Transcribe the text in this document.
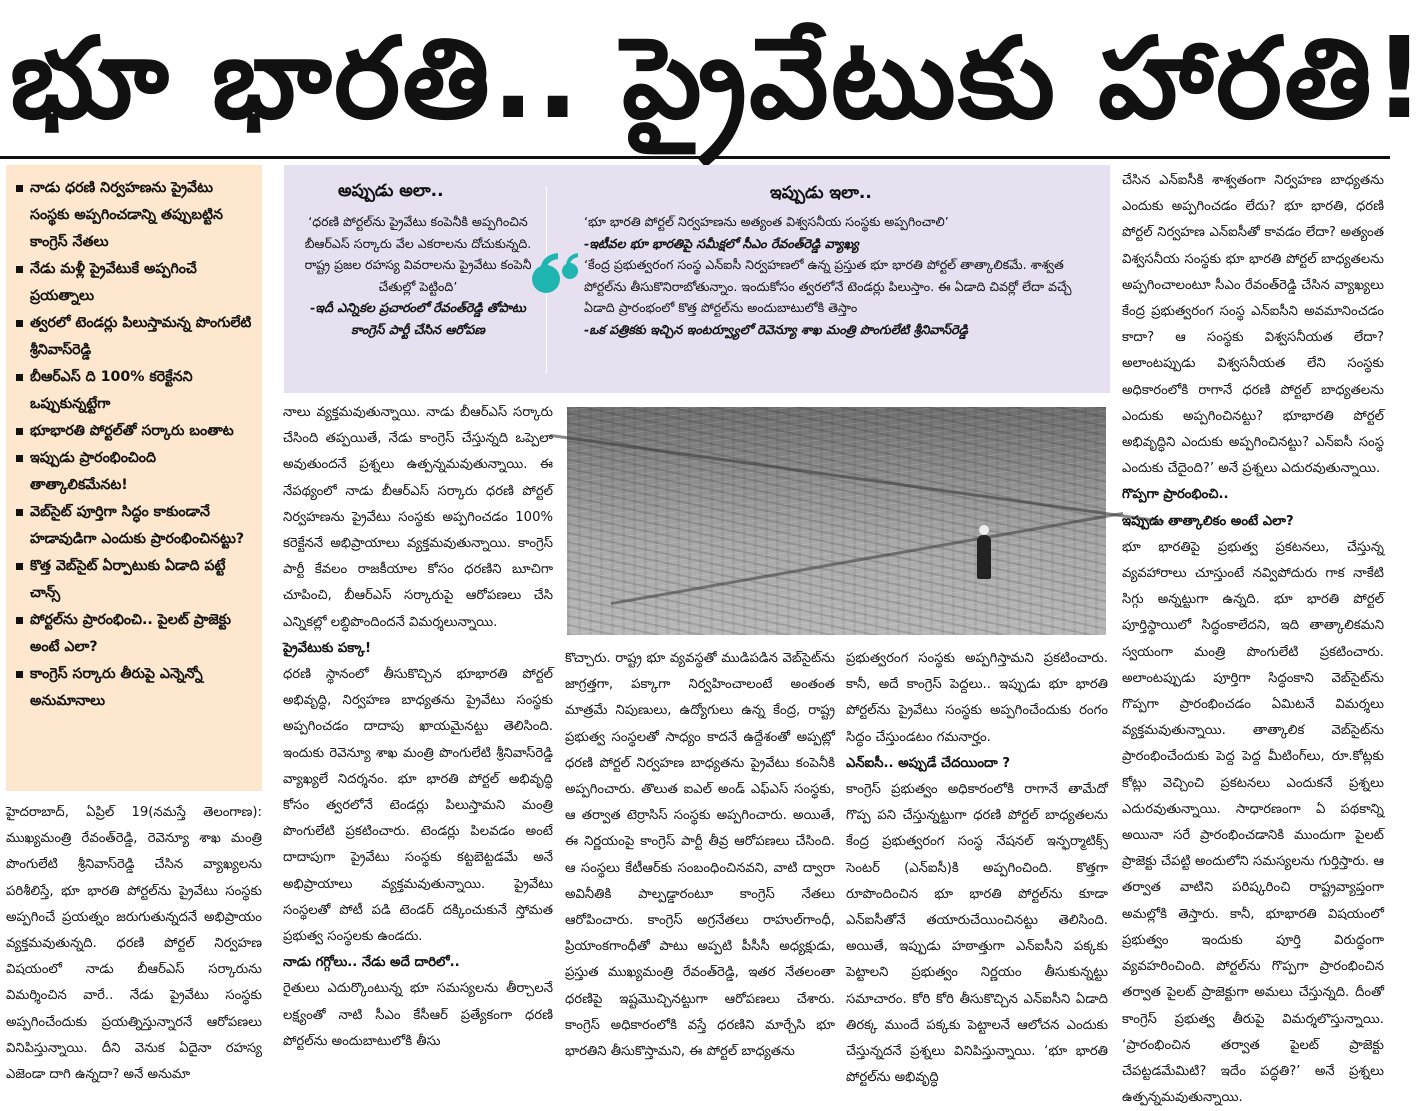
భూ భారతి.. ప్రైవేటుకు హారతి!
నాడు ధరణి నిర్వహణను ప్రైవేటు సంస్థకు అప్పగించడాన్ని తప్పుబట్టిన కాంగ్రెస్ నేతలు
నేడు మళ్లీ ప్రైవేటుకే అప్పగించే ప్రయత్నాలు
త్వరలో టెండర్లు పిలుస్తామన్న పొంగులేటి శ్రీనివాస్‌రెడ్డి
బీఆర్ఎస్ ది 100% కరెక్టేనని ఒప్పుకున్నట్టేగా
భూభారతి పోర్టల్‌తో సర్కారు బంతాట
ఇప్పుడు ప్రారంభించింది తాత్కాలికమేనట!
వెబ్‌సైట్ పూర్తిగా సిద్ధం కాకుండానే హడావుడిగా ఎందుకు ప్రారంభించినట్టు?
కొత్త వెబ్‌సైట్ ఏర్పాటుకు ఏడాది పట్టే చాన్స్
పోర్టల్‌ను ప్రారంభించి.. పైలట్ ప్రాజెక్టు అంటే ఎలా?
కాంగ్రెస్ సర్కారు తీరుపై ఎన్నెన్నో అనుమానాలు
అప్పుడు అలా..
‘ధరణి పోర్టల్‌ను ప్రైవేటు కంపెనీకి అప్పగించిన బీఆర్ఎస్ సర్కారు వేల ఎకరాలను దోచుకున్నది. రాష్ట్ర ప్రజల రహస్య వివరాలను ప్రైవేటు కంపెనీ చేతుల్లో పెట్టింది’
-ఇదీ ఎన్నికల ప్రచారంలో రేవంత్‌రెడ్డి తోపాటు కాంగ్రెస్ పార్టీ చేసిన ఆరోపణ
ఇప్పుడు ఇలా..
‘భూ భారతి పోర్టల్ నిర్వహణను అత్యంత విశ్వసనీయ సంస్థకు అప్పగించాలి’
-ఇటీవల భూ భారతిపై సమీక్షలో సీఎం రేవంత్‌రెడ్డి వ్యాఖ్య
‘కేంద్ర ప్రభుత్వరంగ సంస్థ ఎన్ఐసీ నిర్వహణలో ఉన్న ప్రస్తుత భూ భారతి పోర్టల్ తాత్కాలికమే. శాశ్వత పోర్టల్‌ను తీసుకొనిరాబోతున్నాం. ఇందుకోసం త్వరలోనే టెండర్లు పిలుస్తాం. ఈ ఏడాది చివర్లో లేదా వచ్చే ఏడాది ప్రారంభంలో కొత్త పోర్టల్‌ను అందుబాటులోకి తెస్తాం
-ఒక పత్రికకు ఇచ్చిన ఇంటర్వ్యూలో రెవెన్యూ శాఖ మంత్రి పొంగులేటి శ్రీనివాస్‌రెడ్డి

హైదరాబాద్, ఏప్రిల్ 19(నమస్తే తెలంగాణ): ముఖ్యమంత్రి రేవంత్‌రెడ్డి, రెవెన్యూ శాఖ మంత్రి పొంగులేటి శ్రీనివాస్‌రెడ్డి చేసిన వ్యాఖ్యలను పరిశీలిస్తే, భూ భారతి పోర్టల్‌ను ప్రైవేటు సంస్థకు అప్పగించే ప్రయత్నం జరుగుతున్నదనే అభిప్రాయం వ్యక్తమవుతున్నది. ధరణి పోర్టల్ నిర్వహణ విషయంలో నాడు బీఆర్ఎస్ సర్కారును విమర్శించిన వారే.. నేడు ప్రైవేటు సంస్థకు అప్పగించేందుకు ప్రయత్నిస్తున్నారనే ఆరోపణలు వినిపిస్తున్నాయి. దీని వెనుక ఏదైనా రహస్య ఎజెండా దాగి ఉన్నదా? అనే అనుమా

నాలు వ్యక్తమవుతున్నాయి. నాడు బీఆర్ఎస్ సర్కారు చేసింది తప్పయితే, నేడు కాంగ్రెస్ చేస్తున్నది ఒప్పెలా అవుతుందనే ప్రశ్నలు ఉత్పన్నమవుతున్నాయి. ఈ నేపథ్యంలో నాడు బీఆర్ఎస్ సర్కారు ధరణి పోర్టల్ నిర్వహణను ప్రైవేటు సంస్థకు అప్పగించడం 100% కరెక్టేననే అభిప్రాయాలు వ్యక్తమవుతున్నాయి. కాంగ్రెస్ పార్టీ కేవలం రాజకీయాల కోసం ధరణిని బూచిగా చూపించి, బీఆర్ఎస్ సర్కారుపై ఆరోపణలు చేసి ఎన్నికల్లో లబ్ధిపొందిందనే విమర్శలున్నాయి.

ప్రైవేటుకు పక్కా!

ధరణి స్థానంలో తీసుకొచ్చిన భూభారతి పోర్టల్ అభివృద్ధి, నిర్వహణ బాధ్యతను ప్రైవేటు సంస్థకు అప్పగించడం దాదాపు ఖాయమైనట్టు తెలిసింది. ఇందుకు రెవెన్యూ శాఖ మంత్రి పొంగులేటి శ్రీనివాస్‌రెడ్డి వ్యాఖ్యలే నిదర్శనం. భూ భారతి పోర్టల్ అభివృద్ధి కోసం త్వరలోనే టెండర్లు పిలుస్తామని మంత్రి పొంగులేటి ప్రకటించారు. టెండర్లు పిలవడం అంటే దాదాపుగా ప్రైవేటు సంస్థకు కట్టబెట్టడమే అనే అభిప్రాయాలు వ్యక్తమవుతున్నాయి. ప్రైవేటు సంస్థలతో పోటీ పడి టెండర్ దక్కించుకునే స్తోమత ప్రభుత్వ సంస్థలకు ఉండదు.

నాడు గగ్గోలు.. నేడు అదే దారిలో..

రైతులు ఎదుర్కొంటున్న భూ సమస్యలను తీర్చాలనే లక్ష్యంతో నాటి సీఎం కేసీఆర్ ప్రత్యేకంగా ధరణి పోర్టల్‌ను అందుబాటులోకి తీసు

కొచ్చారు. రాష్ట్ర భూ వ్యవస్థతో ముడిపడిన వెబ్‌సైట్‌ను జాగ్రత్తగా, పక్కాగా నిర్వహించాలంటే అంతంత మాత్రమే నిపుణులు, ఉద్యోగులు ఉన్న కేంద్ర, రాష్ట్ర ప్రభుత్వ సంస్థలతో సాధ్యం కాదనే ఉద్దేశంతో అప్పట్లో ధరణి పోర్టల్ నిర్వహణ బాధ్యతను ప్రైవేటు కంపెనీకి అప్పగించారు. తొలుత ఐఎల్ అండ్ ఎఫ్ఎస్ సంస్థకు, ఆ తర్వాత టెర్రాసిస్ సంస్థకు అప్పగించారు. అయితే, ఈ నిర్ణయంపై కాంగ్రెస్ పార్టీ తీవ్ర ఆరోపణలు చేసింది. ఆ సంస్థలు కేటీఆర్‌కు సంబంధించినవని, వాటి ద్వారా అవినీతికి పాల్పడ్డారంటూ కాంగ్రెస్ నేతలు ఆరోపించారు. కాంగ్రెస్ అగ్రనేతలు రాహుల్‌గాంధీ, ప్రియాంకగాంధీతో పాటు అప్పటి పీసీసీ అధ్యక్షుడు, ప్రస్తుత ముఖ్యమంత్రి రేవంత్‌రెడ్డి, ఇతర నేతలంతా ధరణిపై ఇష్టమొచ్చినట్టుగా ఆరోపణలు చేశారు. కాంగ్రెస్ అధికారంలోకి వస్తే ధరణిని మార్చేసి భూ భారతిని తీసుకొస్తామని, ఈ పోర్టల్ బాధ్యతను

ప్రభుత్వరంగ సంస్థకు అప్పగిస్తామని ప్రకటించారు. కానీ, అదే కాంగ్రెస్ పెద్దలు.. ఇప్పుడు భూ భారతి పోర్టల్‌ను ప్రైవేటు సంస్థకు అప్పగించేందుకు రంగం సిద్ధం చేస్తుండటం గమనార్హం.

ఎన్ఐసీ.. అప్పుడే చేదయిందా ?

కాంగ్రెస్ ప్రభుత్వం అధికారంలోకి రాగానే తామేదో గొప్ప పని చేస్తున్నట్టుగా ధరణి పోర్టల్ బాధ్యతలను కేంద్ర ప్రభుత్వరంగ సంస్థ నేషనల్ ఇన్ఫర్మాటిక్స్ సెంటర్ (ఎన్ఐసీ)కి అప్పగించింది. కొత్తగా రూపొందించిన భూ భారతి పోర్టల్‌ను కూడా ఎన్ఐసీతోనే తయారుచేయించినట్టు తెలిసింది. అయితే, ఇప్పుడు హఠాత్తుగా ఎన్ఐసీని పక్కకు పెట్టాలని ప్రభుత్వం నిర్ణయం తీసుకున్నట్టు సమాచారం. కోరి కోరి తీసుకొచ్చిన ఎన్ఐసీని ఏడాది తిరక్క ముందే పక్కకు పెట్టాలనే ఆలోచన ఎందుకు చేస్తున్నదనే ప్రశ్నలు వినిపిస్తున్నాయి. ‘భూ భారతి పోర్టల్‌ను అభివృద్ధి

చేసిన ఎన్ఐసీకి శాశ్వతంగా నిర్వహణ బాధ్యతను ఎందుకు అప్పగించడం లేదు? భూ భారతి, ధరణి పోర్టల్ నిర్వహణ ఎన్ఐసీతో కావడం లేదా? అత్యంత విశ్వసనీయ సంస్థకు భూ భారతి పోర్టల్ బాధ్యతలను అప్పగించాలంటూ సీఎం రేవంత్‌రెడ్డి చేసిన వ్యాఖ్యలు కేంద్ర ప్రభుత్వరంగ సంస్థ ఎన్ఐసీని అవమానించడం కాదా? ఆ సంస్థకు విశ్వసనీయత లేదా? అలాంటప్పుడు విశ్వసనీయత లేని సంస్థకు అధికారంలోకి రాగానే ధరణి పోర్టల్ బాధ్యతలను ఎందుకు అప్పగించినట్టు? భూభారతి పోర్టల్ అభివృద్ధిని ఎందుకు అప్పగించినట్టు? ఎన్ఐసీ సంస్థ ఎందుకు చేదైంది?’ అనే ప్రశ్నలు ఎదురవుతున్నాయి.

గొప్పగా ప్రారంభించి..

ఇప్పుడు తాత్కాలికం అంటే ఎలా?

భూ భారతిపై ప్రభుత్వ ప్రకటనలు, చేస్తున్న వ్యవహారాలు చూస్తుంటే నవ్విపోదురు గాక నాకేటి సిగ్గు అన్నట్టుగా ఉన్నది. భూ భారతి పోర్టల్ పూర్తిస్థాయిలో సిద్ధంకాలేదని, ఇది తాత్కాలికమని స్వయంగా మంత్రి పొంగులేటి ప్రకటించారు. అలాంటప్పుడు పూర్తిగా సిద్ధంకాని వెబ్‌సైట్‌ను గొప్పగా ప్రారంభించడం ఏమిటనే విమర్శలు వ్యక్తమవుతున్నాయి. తాత్కాలిక వెబ్‌సైట్‌ను ప్రారంభించేందుకు పెద్ద పెద్ద మీటింగ్‌లు, రూ.కోట్లకు కోట్లు వెచ్చించి ప్రకటనలు ఎందుకనే ప్రశ్నలు ఎదురవుతున్నాయి. సాధారణంగా ఏ పథకాన్ని అయినా సరే ప్రారంభించడానికి ముందుగా పైలట్ ప్రాజెక్టు చేపట్టి అందులోని సమస్యలను గుర్తిస్తారు. ఆ తర్వాత వాటిని పరిష్కరించి రాష్ట్రవ్యాప్తంగా అమల్లోకి తెస్తారు. కానీ, భూభారతి విషయంలో ప్రభుత్వం ఇందుకు పూర్తి విరుద్ధంగా వ్యవహరించింది. పోర్టల్‌ను గొప్పగా ప్రారంభించిన తర్వాత పైలట్ ప్రాజెక్టుగా అమలు చేస్తున్నది. దీంతో కాంగ్రెస్ ప్రభుత్వ తీరుపై విమర్శలొస్తున్నాయి. ‘ప్రారంభించిన తర్వాత పైలట్ ప్రాజెక్టు చేపట్టడమేమిటి? ఇదేం పద్ధతి?’ అనే ప్రశ్నలు ఉత్పన్నమవుతున్నాయి.
